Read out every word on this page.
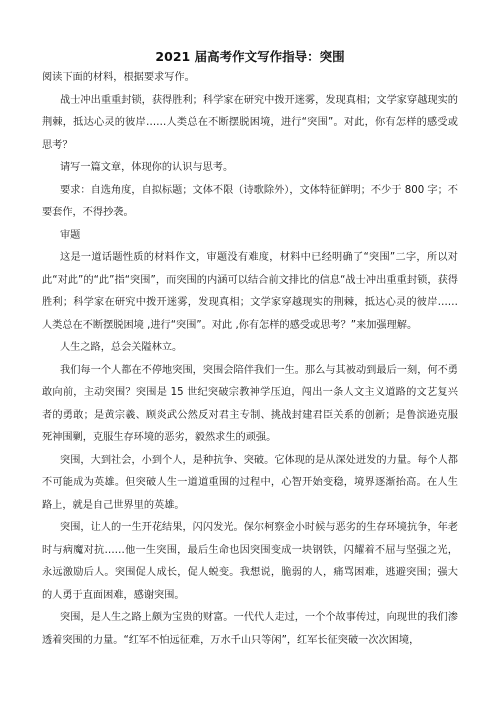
2021 届高考作文写作指导：突围

阅读下面的材料，根据要求写作。

战士冲出重重封锁，获得胜利；科学家在研究中拨开迷雾，发现真相；文学家穿越现实的荆棘，抵达心灵的彼岸……人类总在不断摆脱困境，进行“突围”。对此，你有怎样的感受或思考？

请写一篇文章，体现你的认识与思考。

要求：自选角度，自拟标题；文体不限（诗歌除外），文体特征鲜明；不少于 800 字；不要套作，不得抄袭。

审题

这是一道话题性质的材料作文，审题没有难度，材料中已经明确了“突围”二字，所以对此“对此”的“此”指“突围”，而突围的内涵可以结合前文排比的信息“战士冲出重重封锁，获得胜利；科学家在研究中拨开迷雾，发现真相；文学家穿越现实的荆棘，抵达心灵的彼岸……人类总在不断摆脱困境 ,进行“突围”。对此 ,你有怎样的感受或思考？”来加强理解。

人生之路，总会关隘林立。

我们每一个人都在不停地突围，突围会陪伴我们一生。那么与其被动到最后一刻，何不勇敢向前，主动突围？突围是 15 世纪突破宗教神学压迫，闯出一条人文主义道路的文艺复兴者的勇敢；是黄宗羲、顾炎武公然反对君主专制、挑战封建君臣关系的创新；是鲁滨逊克服死神围剿，克服生存环境的恶劣，毅然求生的顽强。

突围，大到社会，小到个人，是种抗争、突破。它体现的是从深处迸发的力量。每个人都不可能成为英雄。但突破人生一道道重围的过程中，心智开始变稳，境界逐渐抬高。在人生路上，就是自己世界里的英雄。

突围，让人的一生开花结果，闪闪发光。保尔柯察金小时候与恶劣的生存环境抗争，年老时与病魔对抗……他一生突围，最后生命也因突围变成一块钢铁，闪耀着不屈与坚强之光，永远激励后人。突围促人成长，促人蜕变。我想说，脆弱的人，痛骂困难，逃避突围；强大的人勇于直面困难，感谢突围。

突围，是人生之路上颇为宝贵的财富。一代代人走过，一个个故事传过，向现世的我们渗透着突围的力量。“红军不怕远征难，万水千山只等闲”，红军长征突破一次次困境，
